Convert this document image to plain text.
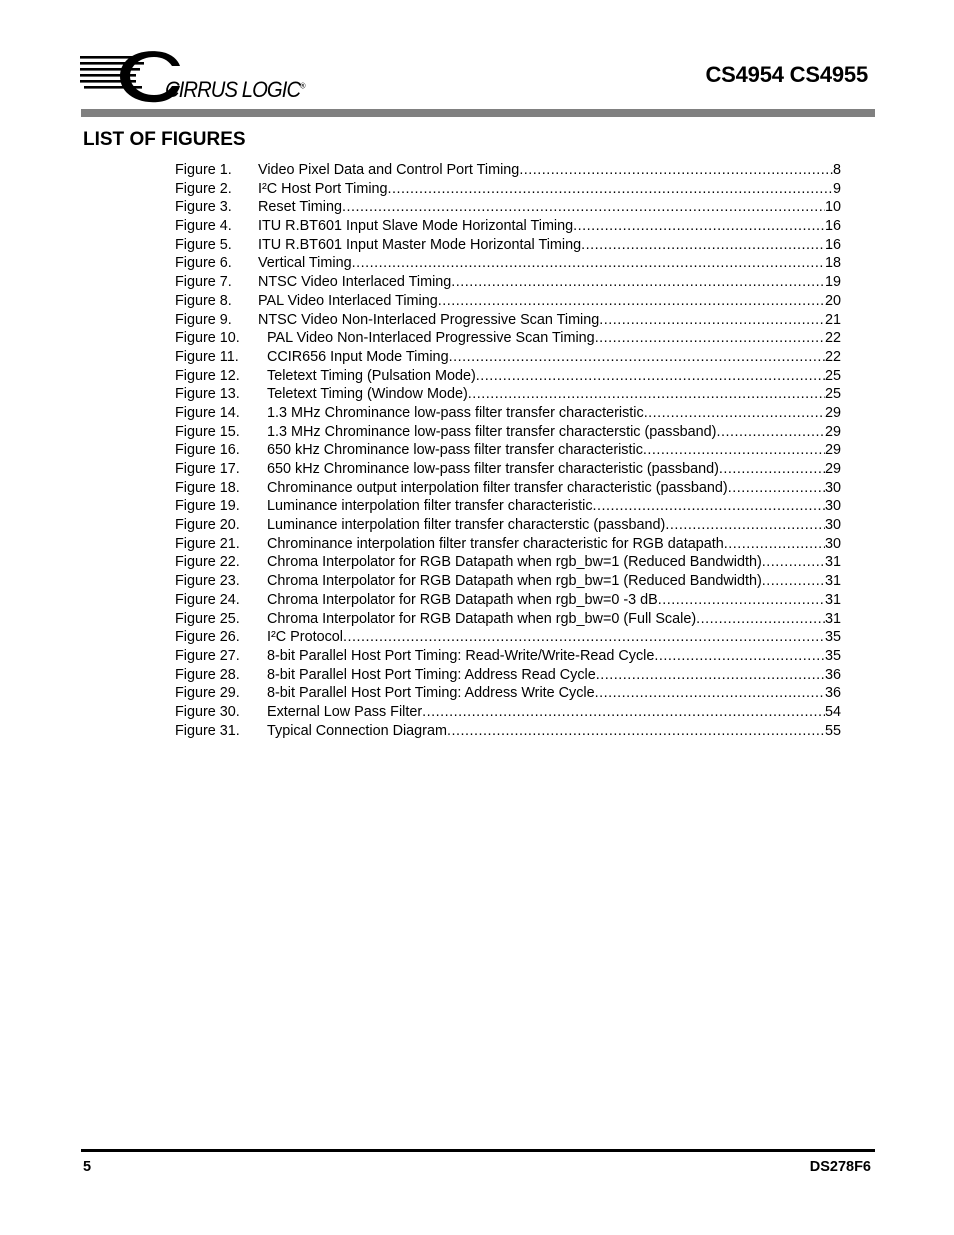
CIRRUS LOGIC®	CS4954 CS4955
LIST OF FIGURES
Figure 1. Video Pixel Data and Control Port Timing .....	8
Figure 2. I²C Host Port Timing .....	9
Figure 3. Reset Timing .....	10
Figure 4. ITU R.BT601 Input Slave Mode Horizontal Timing .....	16
Figure 5. ITU R.BT601 Input Master Mode Horizontal Timing .....	16
Figure 6. Vertical Timing .....	18
Figure 7. NTSC Video Interlaced Timing .....	19
Figure 8. PAL Video Interlaced Timing .....	20
Figure 9. NTSC Video Non-Interlaced Progressive Scan Timing .....	21
Figure 10. PAL Video Non-Interlaced Progressive Scan Timing .....	22
Figure 11. CCIR656 Input Mode Timing .....	22
Figure 12. Teletext Timing (Pulsation Mode) .....	25
Figure 13. Teletext Timing (Window Mode) .....	25
Figure 14. 1.3 MHz Chrominance low-pass filter transfer characteristic .....	29
Figure 15. 1.3 MHz Chrominance low-pass filter transfer characterstic (passband) .....	29
Figure 16. 650 kHz Chrominance low-pass filter transfer characteristic .....	29
Figure 17. 650 kHz Chrominance low-pass filter transfer characteristic (passband) .....	29
Figure 18. Chrominance output interpolation filter transfer characteristic (passband) .....	30
Figure 19. Luminance interpolation filter transfer characteristic .....	30
Figure 20. Luminance interpolation filter transfer characterstic (passband) .....	30
Figure 21. Chrominance interpolation filter transfer characteristic for RGB datapath .....	30
Figure 22. Chroma Interpolator for RGB Datapath when rgb_bw=1 (Reduced Bandwidth) .....	31
Figure 23. Chroma Interpolator for RGB Datapath when rgb_bw=1 (Reduced Bandwidth) .....	31
Figure 24. Chroma Interpolator for RGB Datapath when rgb_bw=0 -3 dB .....	31
Figure 25. Chroma Interpolator for RGB Datapath when rgb_bw=0 (Full Scale) .....	31
Figure 26. I²C Protocol .....	35
Figure 27. 8-bit Parallel Host Port Timing: Read-Write/Write-Read Cycle .....	35
Figure 28. 8-bit Parallel Host Port Timing: Address Read Cycle .....	36
Figure 29. 8-bit Parallel Host Port Timing: Address Write Cycle .....	36
Figure 30. External Low Pass Filter .....	54
Figure 31. Typical Connection Diagram .....	55
5	DS278F6
